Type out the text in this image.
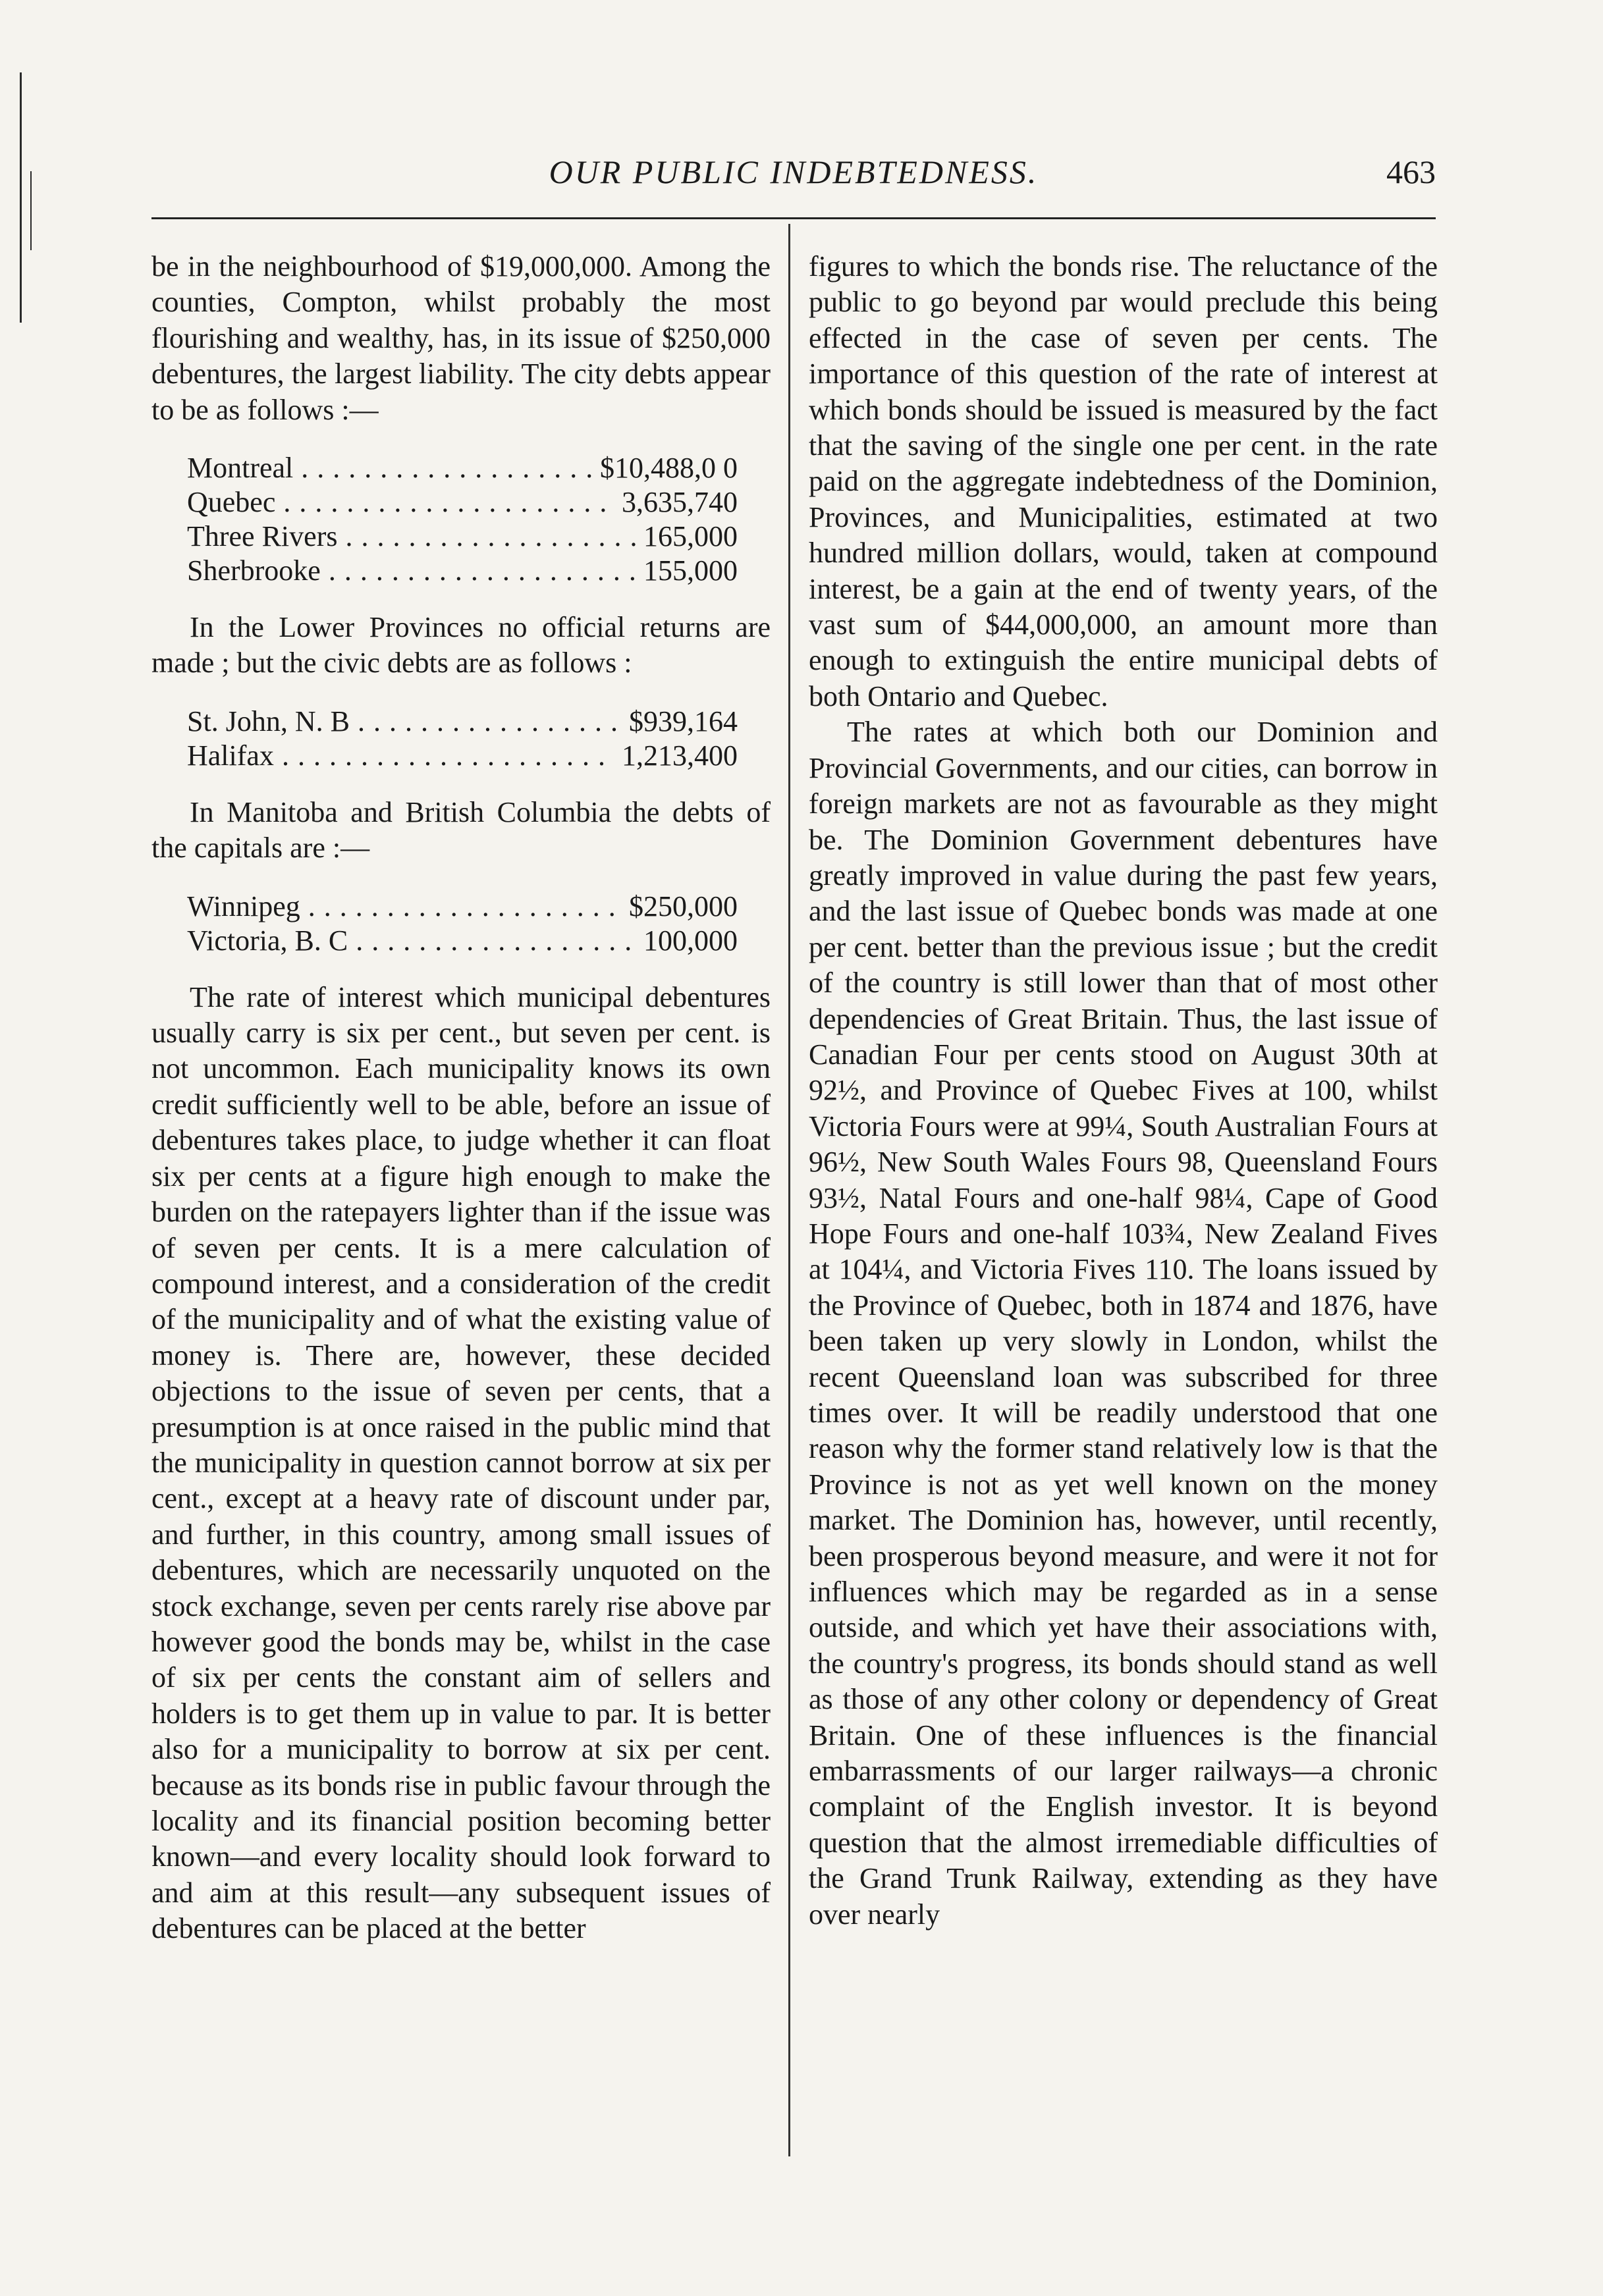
OUR PUBLIC INDEBTEDNESS.	463

be in the neighbourhood of $19,000,000. Among the counties, Compton, whilst probably the most flourishing and wealthy, has, in its issue of $250,000 debentures, the largest liability. The city debts appear to be as follows :—

Montreal . . .	$10,488,0 0
Quebec . . .	3,635,740
Three Rivers . . .	165,000
Sherbrooke . . .	155,000

In the Lower Provinces no official returns are made ; but the civic debts are as follows :

St. John, N. B . . .	$939,164
Halifax . . .	1,213,400

In Manitoba and British Columbia the debts of the capitals are :—

Winnipeg . . .	$250,000
Victoria, B. C . . .	100,000

The rate of interest which municipal debentures usually carry is six per cent., but seven per cent. is not uncommon. Each municipality knows its own credit sufficiently well to be able, before an issue of debentures takes place, to judge whether it can float six per cents at a figure high enough to make the burden on the ratepayers lighter than if the issue was of seven per cents. It is a mere calculation of compound interest, and a consideration of the credit of the municipality and of what the existing value of money is. There are, however, these decided objections to the issue of seven per cents, that a presumption is at once raised in the public mind that the municipality in question cannot borrow at six per cent., except at a heavy rate of discount under par, and further, in this country, among small issues of debentures, which are necessarily unquoted on the stock exchange, seven per cents rarely rise above par however good the bonds may be, whilst in the case of six per cents the constant aim of sellers and holders is to get them up in value to par. It is better also for a municipality to borrow at six per cent. because as its bonds rise in public favour through the locality and its financial position becoming better known—and every locality should look forward to and aim at this result—any subsequent issues of debentures can be placed at the better

figures to which the bonds rise. The reluctance of the public to go beyond par would preclude this being effected in the case of seven per cents. The importance of this question of the rate of interest at which bonds should be issued is measured by the fact that the saving of the single one per cent. in the rate paid on the aggregate indebtedness of the Dominion, Provinces, and Municipalities, estimated at two hundred million dollars, would, taken at compound interest, be a gain at the end of twenty years, of the vast sum of $44,000,000, an amount more than enough to extinguish the entire municipal debts of both Ontario and Quebec.

The rates at which both our Dominion and Provincial Governments, and our cities, can borrow in foreign markets are not as favourable as they might be. The Dominion Government debentures have greatly improved in value during the past few years, and the last issue of Quebec bonds was made at one per cent. better than the previous issue ; but the credit of the country is still lower than that of most other dependencies of Great Britain. Thus, the last issue of Canadian Four per cents stood on August 30th at 92½, and Province of Quebec Fives at 100, whilst Victoria Fours were at 99¼, South Australian Fours at 96½, New South Wales Fours 98, Queensland Fours 93½, Natal Fours and one-half 98¼, Cape of Good Hope Fours and one-half 103¾, New Zealand Fives at 104¼, and Victoria Fives 110. The loans issued by the Province of Quebec, both in 1874 and 1876, have been taken up very slowly in London, whilst the recent Queensland loan was subscribed for three times over. It will be readily understood that one reason why the former stand relatively low is that the Province is not as yet well known on the money market. The Dominion has, however, until recently, been prosperous beyond measure, and were it not for influences which may be regarded as in a sense outside, and which yet have their associations with, the country's progress, its bonds should stand as well as those of any other colony or dependency of Great Britain. One of these influences is the financial embarrassments of our larger railways—a chronic complaint of the English investor. It is beyond question that the almost irremediable difficulties of the Grand Trunk Railway, extending as they have over nearly
